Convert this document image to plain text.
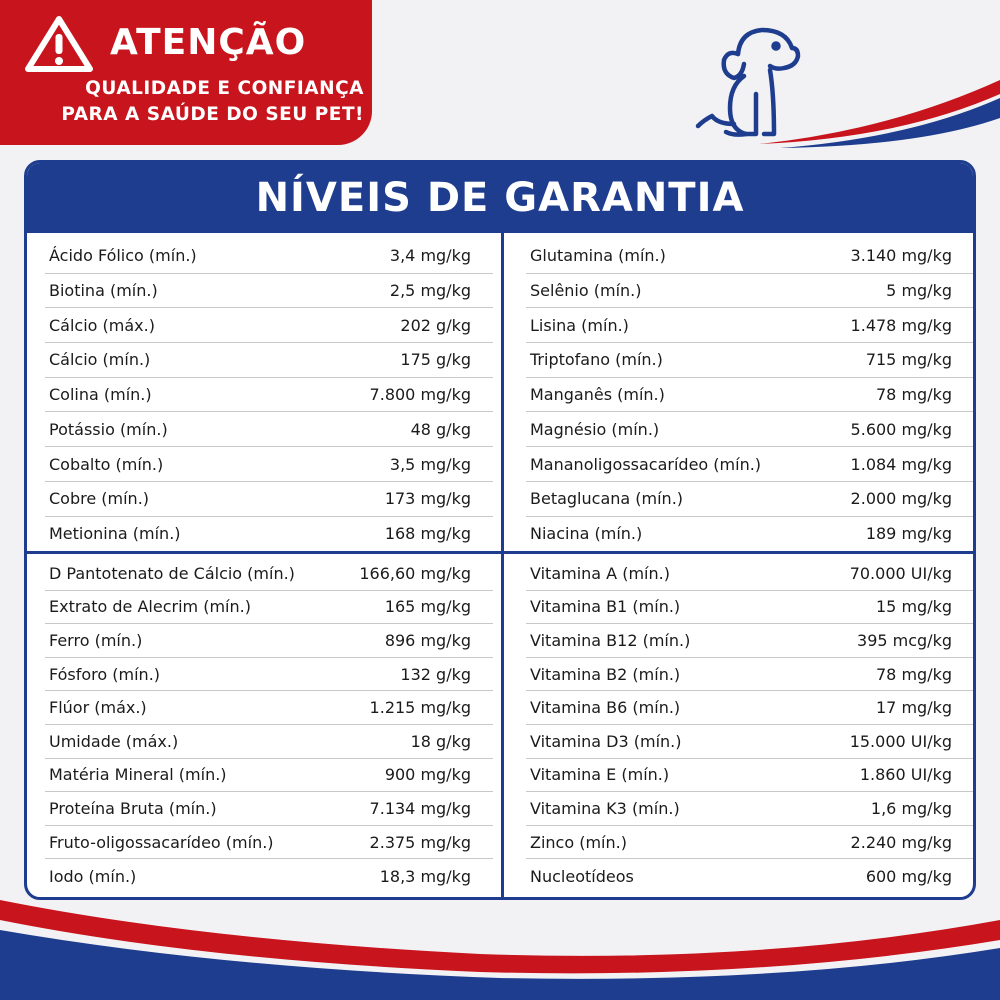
ATENÇÃO
QUALIDADE E CONFIANÇA
PARA A SAÚDE DO SEU PET!
NÍVEIS DE GARANTIA
Ácido Fólico (mín.)	3,4 mg/kg
Biotina (mín.)	2,5 mg/kg
Cálcio (máx.)	202 g/kg
Cálcio (mín.)	175 g/kg
Colina (mín.)	7.800 mg/kg
Potássio (mín.)	48 g/kg
Cobalto (mín.)	3,5 mg/kg
Cobre (mín.)	173 mg/kg
Metionina (mín.)	168 mg/kg
D Pantotenato de Cálcio (mín.)	166,60 mg/kg
Extrato de Alecrim (mín.)	165 mg/kg
Ferro (mín.)	896 mg/kg
Fósforo (mín.)	132 g/kg
Flúor (máx.)	1.215 mg/kg
Umidade (máx.)	18 g/kg
Matéria Mineral (mín.)	900 mg/kg
Proteína Bruta (mín.)	7.134 mg/kg
Fruto-oligossacarídeo (mín.)	2.375 mg/kg
Iodo (mín.)	18,3 mg/kg
Glutamina (mín.)	3.140 mg/kg
Selênio (mín.)	5 mg/kg
Lisina (mín.)	1.478 mg/kg
Triptofano (mín.)	715 mg/kg
Manganês (mín.)	78 mg/kg
Magnésio (mín.)	5.600 mg/kg
Mananoligossacarídeo (mín.)	1.084 mg/kg
Betaglucana (mín.)	2.000 mg/kg
Niacina (mín.)	189 mg/kg
Vitamina A (mín.)	70.000 UI/kg
Vitamina B1 (mín.)	15 mg/kg
Vitamina B12 (mín.)	395 mcg/kg
Vitamina B2 (mín.)	78 mg/kg
Vitamina B6 (mín.)	17 mg/kg
Vitamina D3 (mín.)	15.000 UI/kg
Vitamina E (mín.)	1.860 UI/kg
Vitamina K3 (mín.)	1,6 mg/kg
Zinco (mín.)	2.240 mg/kg
Nucleotídeos	600 mg/kg
